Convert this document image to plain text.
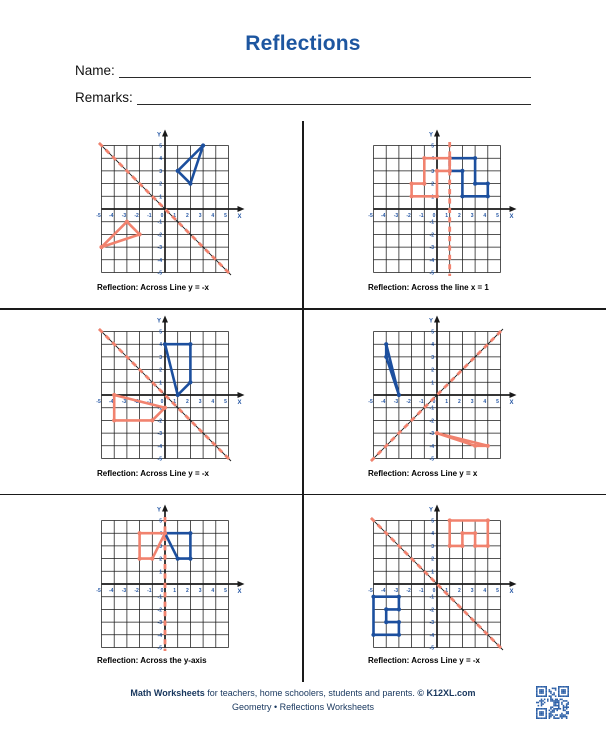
Reflections
Name:
Remarks:
Y
X
-5 -4 -3 -2 -1 0 1 2 3 4 5
5
4
3
2
1
-1
-2
-3
-4
-5
Y
X
-5 -4 -3 -2 -1 0 1 2 3 4 5
5
4
3
2
1
-1
-2
-3
-4
-5
Y
X
-5 -4 -3 -2 -1 0 1 2 3 4 5
5
4
3
2
1
-1
-2
-3
-4
-5
Y
X
-5 -4 -3 -2 -1 0 1 2 3 4 5
5
4
3
2
1
-1
-2
-3
-4
-5
Y
X
-5 -4 -3 -2 -1 0 1 2 3 4 5
5
4
3
2
1
-1
-2
-3
-4
-5
Y
X
-5 -4 -3 -2 -1 0 1 2 3 4 5
5
4
3
2
1
-1
-2
-3
-4
-5
Reflection: Across Line y = -x	Reflection: Across the line x = 1
Reflection: Across Line y = -x	Reflection: Across Line y = x
Reflection: Across the y-axis	Reflection: Across Line y = -x
Math Worksheets for teachers, home schoolers, students and parents. © K12XL.com
Geometry • Reflections Worksheets
